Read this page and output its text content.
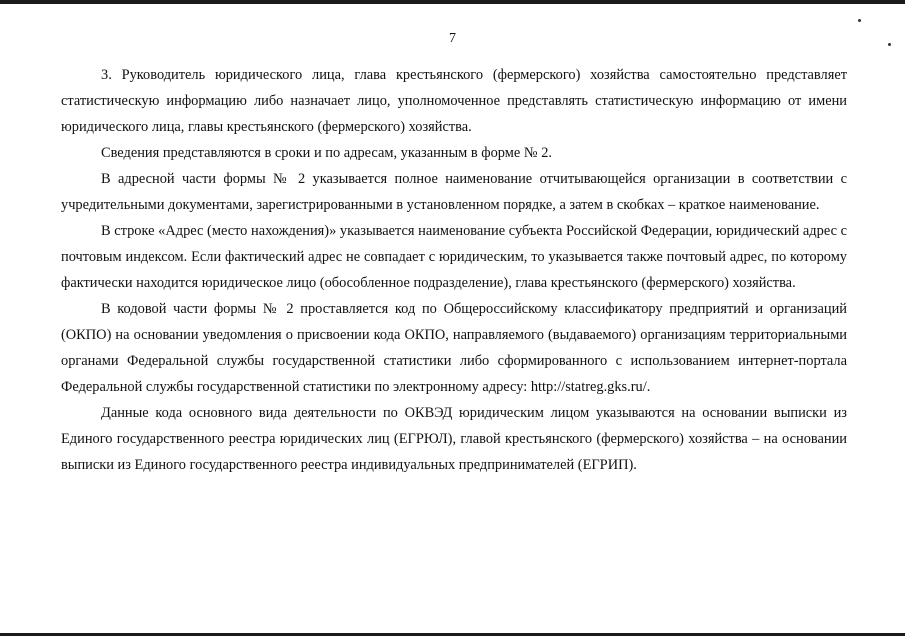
7

3. Руководитель юридического лица, глава крестьянского (фермерского) хозяйства самостоятельно представляет статистическую информацию либо назначает лицо, уполномоченное представлять статистическую информацию от имени юридического лица, главы крестьянского (фермерского) хозяйства.

Сведения представляются в сроки и по адресам, указанным в форме № 2.

В адресной части формы № 2 указывается полное наименование отчитывающейся организации в соответствии с учредительными документами, зарегистрированными в установленном порядке, а затем в скобках – краткое наименование.

В строке «Адрес (место нахождения)» указывается наименование субъекта Российской Федерации, юридический адрес с почтовым индексом. Если фактический адрес не совпадает с юридическим, то указывается также почтовый адрес, по которому фактически находится юридическое лицо (обособленное подразделение), глава крестьянского (фермерского) хозяйства.

В кодовой части формы № 2 проставляется код по Общероссийскому классификатору предприятий и организаций (ОКПО) на основании уведомления о присвоении кода ОКПО, направляемого (выдаваемого) организациям территориальными органами Федеральной службы государственной статистики либо сформированного с использованием интернет-портала Федеральной службы государственной статистики по электронному адресу: http://statreg.gks.ru/.

Данные кода основного вида деятельности по ОКВЭД юридическим лицом указываются на основании выписки из Единого государственного реестра юридических лиц (ЕГРЮЛ), главой крестьянского (фермерского) хозяйства – на основании выписки из Единого государственного реестра индивидуальных предпринимателей (ЕГРИП).
